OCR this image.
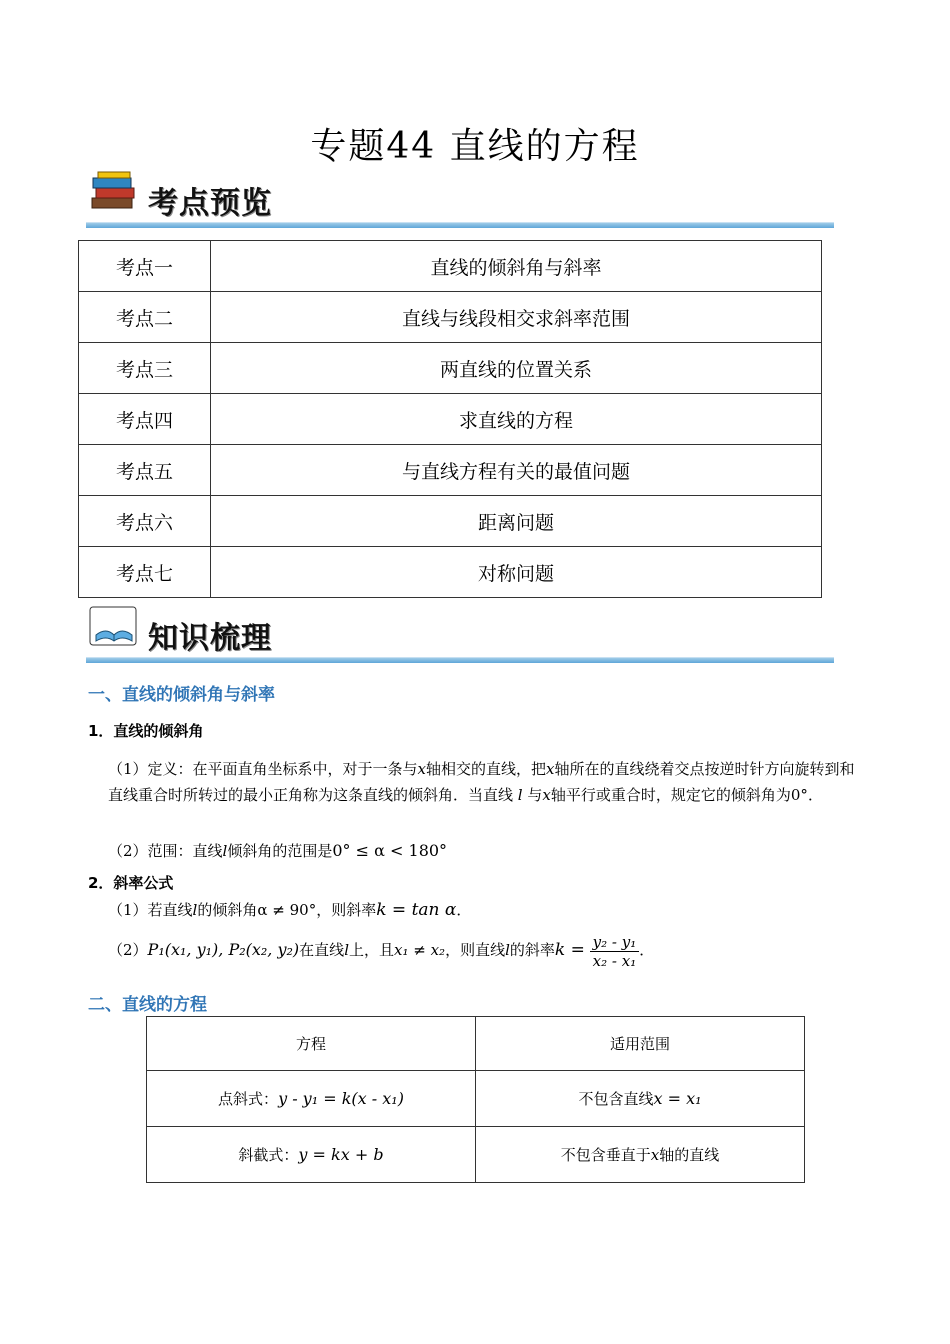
专题44 直线的方程
考点预览
考点一	直线的倾斜角与斜率
考点二	直线与线段相交求斜率范围
考点三	两直线的位置关系
考点四	求直线的方程
考点五	与直线方程有关的最值问题
考点六	距离问题
考点七	对称问题
知识梳理
一、直线的倾斜角与斜率
1．直线的倾斜角
（1）定义：在平面直角坐标系中，对于一条与x轴相交的直线，把x轴所在的直线绕着交点按逆时针方向旋转到和直线重合时所转过的最小正角称为这条直线的倾斜角．当直线 l 与x轴平行或重合时，规定它的倾斜角为0°．
（2）范围：直线l倾斜角的范围是0° ≤ α < 180°
2．斜率公式
（1）若直线l的倾斜角α ≠ 90°，则斜率k = tan α．
（2）P₁(x₁, y₁), P₂(x₂, y₂)在直线l上，且x₁ ≠ x₂，则直线l的斜率$k = \frac{\text{y₂ - y₁}}{\text{x₂ - x₁}}$ ．
二、直线的方程
方程	适用范围
点斜式：y - y₁ = k(x - x₁)	不包含直线x = x₁
斜截式：y = kx + b	不包含垂直于x轴的直线
